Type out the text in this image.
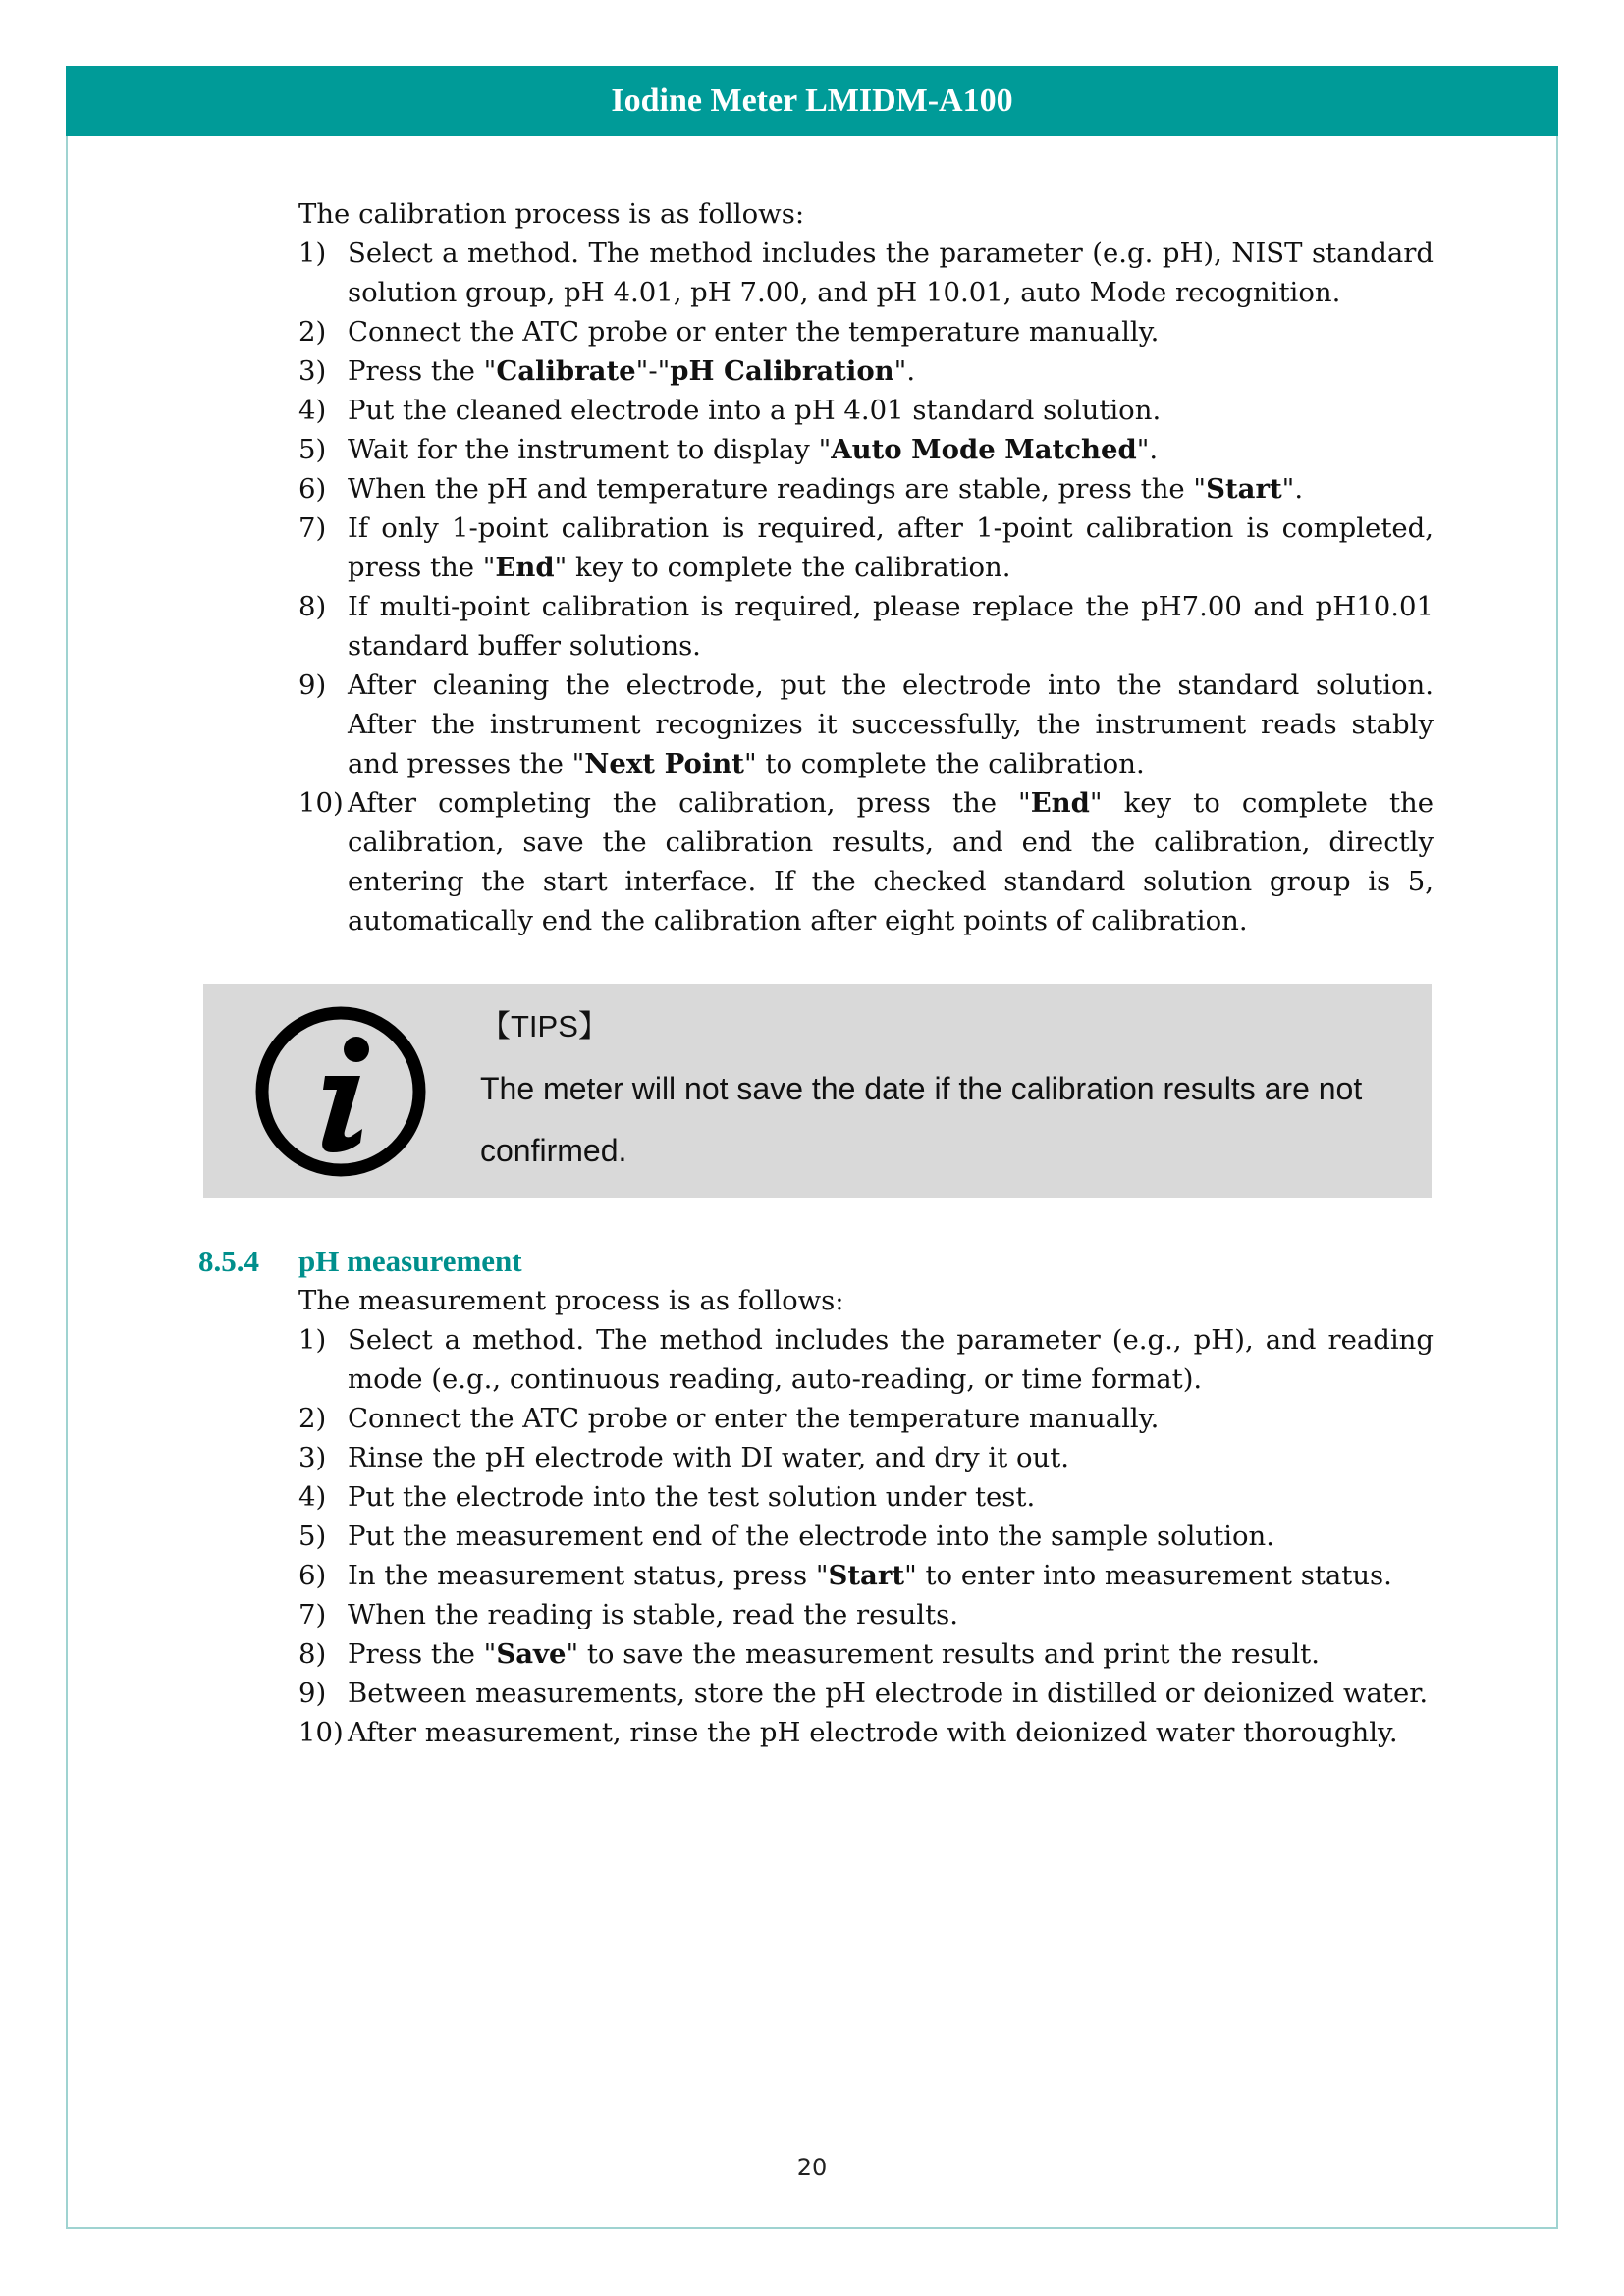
Iodine Meter LMIDM-A100

The calibration process is as follows:

1) Select a method. The method includes the parameter (e.g. pH), NIST standard solution group, pH 4.01, pH 7.00, and pH 10.01, auto Mode recognition.
2) Connect the ATC probe or enter the temperature manually.
3) Press the "Calibrate"-"pH Calibration".
4) Put the cleaned electrode into a pH 4.01 standard solution.
5) Wait for the instrument to display "Auto Mode Matched".
6) When the pH and temperature readings are stable, press the "Start".
7) If only 1-point calibration is required, after 1-point calibration is completed, press the "End" key to complete the calibration.
8) If multi-point calibration is required, please replace the pH7.00 and pH10.01 standard buffer solutions.
9) After cleaning the electrode, put the electrode into the standard solution. After the instrument recognizes it successfully, the instrument reads stably and presses the "Next Point" to complete the calibration.
10) After completing the calibration, press the "End" key to complete the calibration, save the calibration results, and end the calibration, directly entering the start interface. If the checked standard solution group is 5, automatically end the calibration after eight points of calibration.
【TIPS】
The meter will not save the date if the calibration results are not confirmed.
8.5.4	pH measurement

The measurement process is as follows:

1) Select a method. The method includes the parameter (e.g., pH), and reading mode (e.g., continuous reading, auto-reading, or time format).
2) Connect the ATC probe or enter the temperature manually.
3) Rinse the pH electrode with DI water, and dry it out.
4) Put the electrode into the test solution under test.
5) Put the measurement end of the electrode into the sample solution.
6) In the measurement status, press "Start" to enter into measurement status.
7) When the reading is stable, read the results.
8) Press the "Save" to save the measurement results and print the result.
9) Between measurements, store the pH electrode in distilled or deionized water.
10) After measurement, rinse the pH electrode with deionized water thoroughly.
20
